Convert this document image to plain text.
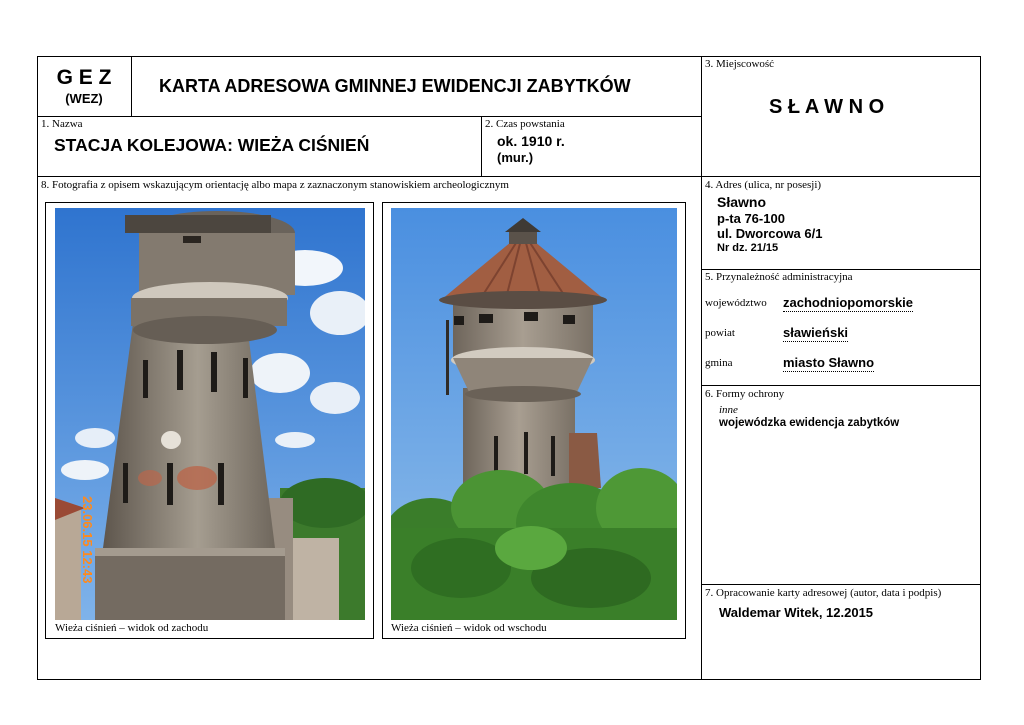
G E Z
(WEZ)
KARTA ADRESOWA GMINNEJ EWIDENCJI ZABYTKÓW
3. Miejscowość
S Ł A W N O
1. Nazwa
STACJA KOLEJOWA: WIEŻA CIŚNIEŃ
2. Czas powstania
ok. 1910 r.
(mur.)
4. Adres (ulica, nr posesji)
Sławno
p-ta 76-100
ul. Dworcowa 6/1
Nr dz. 21/15
5. Przynależność administracyjna
województwo zachodniopomorskie
powiat	sławieński
gmina	miasto Sławno
6. Formy ochrony
inne
wojewódzka ewidencja zabytków
7. Opracowanie karty adresowej (autor, data i podpis)
Waldemar Witek, 12.2015
8. Fotografia z opisem wskazującym orientację albo mapa z zaznaczonym stanowiskiem archeologicznym
23.06.15 12:43
Wieża ciśnień – widok od zachodu	Wieża ciśnień – widok od wschodu
